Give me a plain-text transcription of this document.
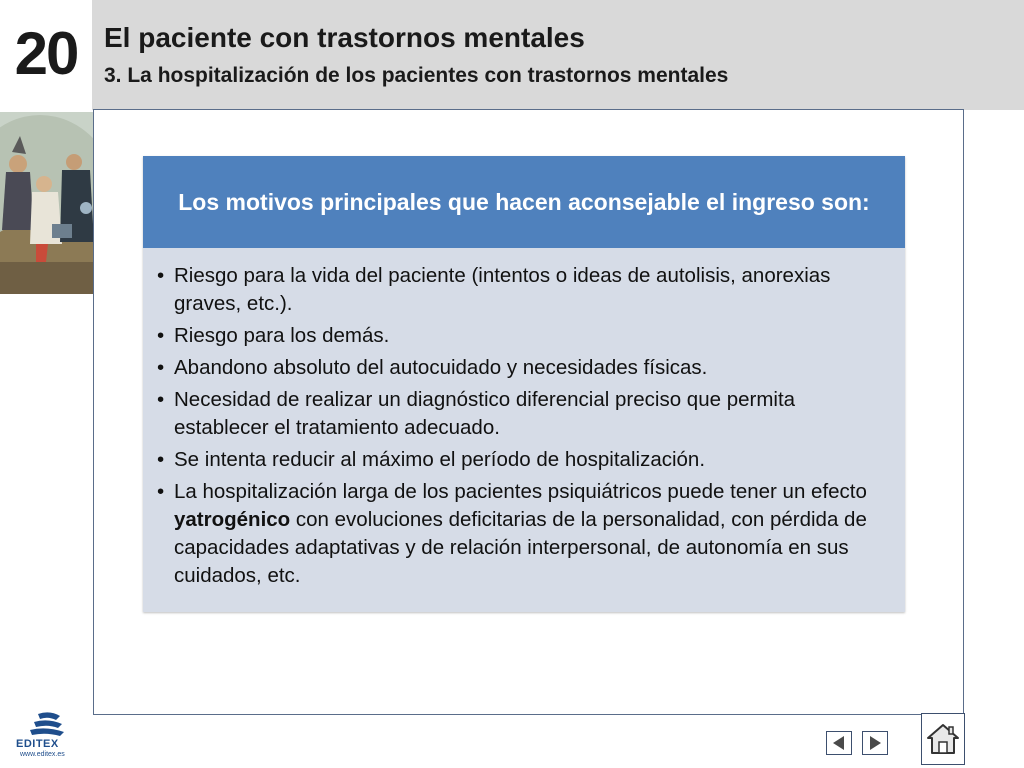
20 El paciente con trastornos mentales
3. La hospitalización de los pacientes con trastornos mentales
Los motivos principales que hacen aconsejable el ingreso son:
• Riesgo para la vida del paciente (intentos o ideas de autolisis, anorexias graves, etc.).
• Riesgo para los demás.
• Abandono absoluto del autocuidado y necesidades físicas.
• Necesidad de realizar un diagnóstico diferencial preciso que permita establecer el tratamiento adecuado.
• Se intenta reducir al máximo el período de hospitalización.
• La hospitalización larga de los pacientes psiquiátricos puede tener un efecto yatrogénico con evoluciones deficitarias de la personalidad, con pérdida de capacidades adaptativas y de relación interpersonal, de autonomía en sus cuidados, etc.
EDITEX
www.editex.es
